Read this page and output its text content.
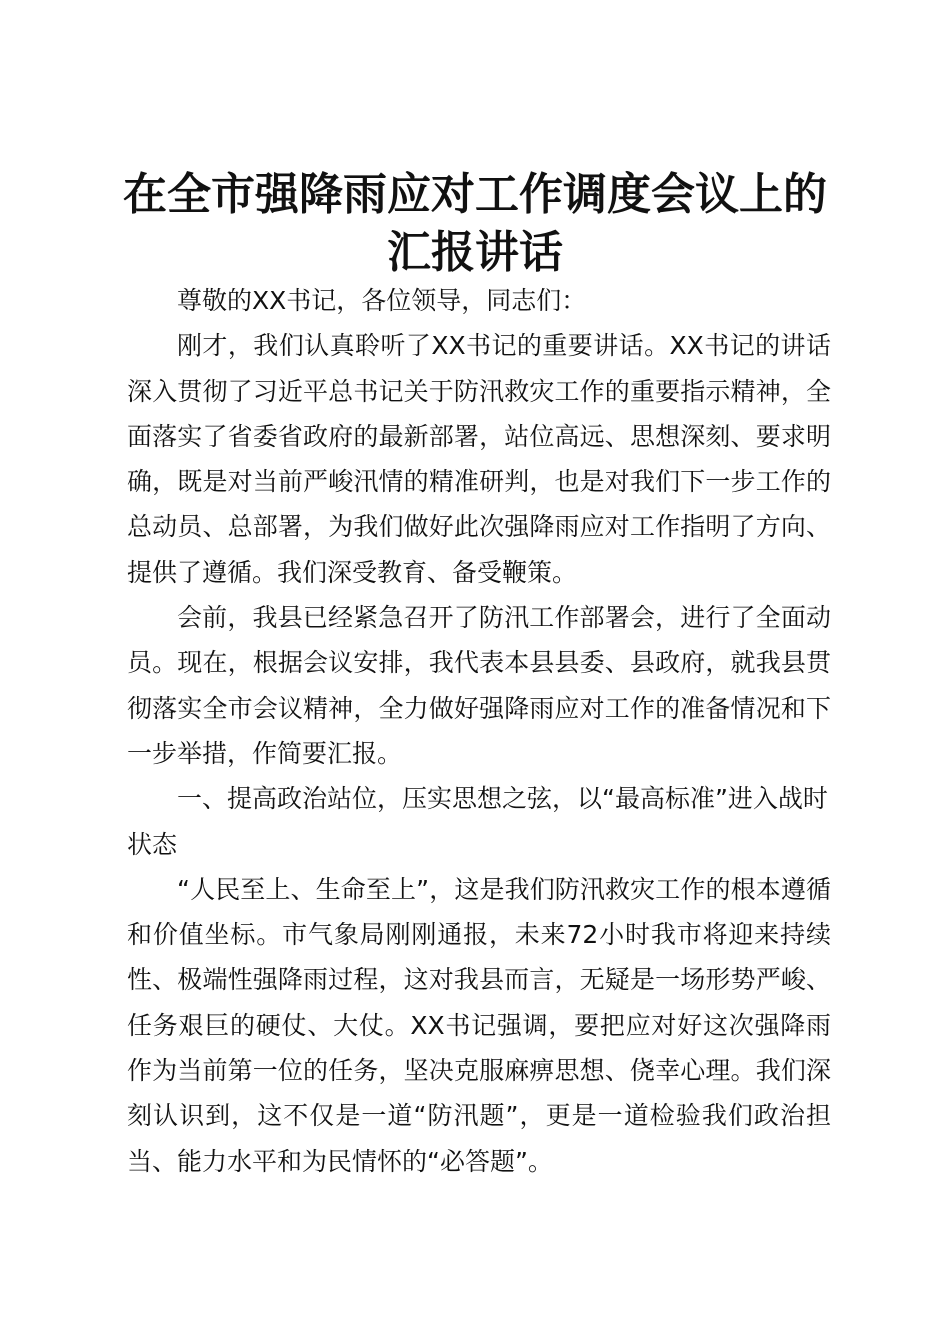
在全市强降雨应对工作调度会议上的汇报讲话

尊敬的XX书记，各位领导，同志们：

刚才，我们认真聆听了XX书记的重要讲话。XX书记的讲话深入贯彻了习近平总书记关于防汛救灾工作的重要指示精神，全面落实了省委省政府的最新部署，站位高远、思想深刻、要求明确，既是对当前严峻汛情的精准研判，也是对我们下一步工作的总动员、总部署，为我们做好此次强降雨应对工作指明了方向、提供了遵循。我们深受教育、备受鞭策。

会前，我县已经紧急召开了防汛工作部署会，进行了全面动员。现在，根据会议安排，我代表本县县委、县政府，就我县贯彻落实全市会议精神，全力做好强降雨应对工作的准备情况和下一步举措，作简要汇报。

一、提高政治站位，压实思想之弦，以“最高标准”进入战时状态

“人民至上、生命至上”，这是我们防汛救灾工作的根本遵循和价值坐标。市气象局刚刚通报，未来72小时我市将迎来持续性、极端性强降雨过程，这对我县而言，无疑是一场形势严峻、任务艰巨的硬仗、大仗。XX书记强调，要把应对好这次强降雨作为当前第一位的任务，坚决克服麻痹思想、侥幸心理。我们深刻认识到，这不仅是一道“防汛题”，更是一道检验我们政治担当、能力水平和为民情怀的“必答题”。
